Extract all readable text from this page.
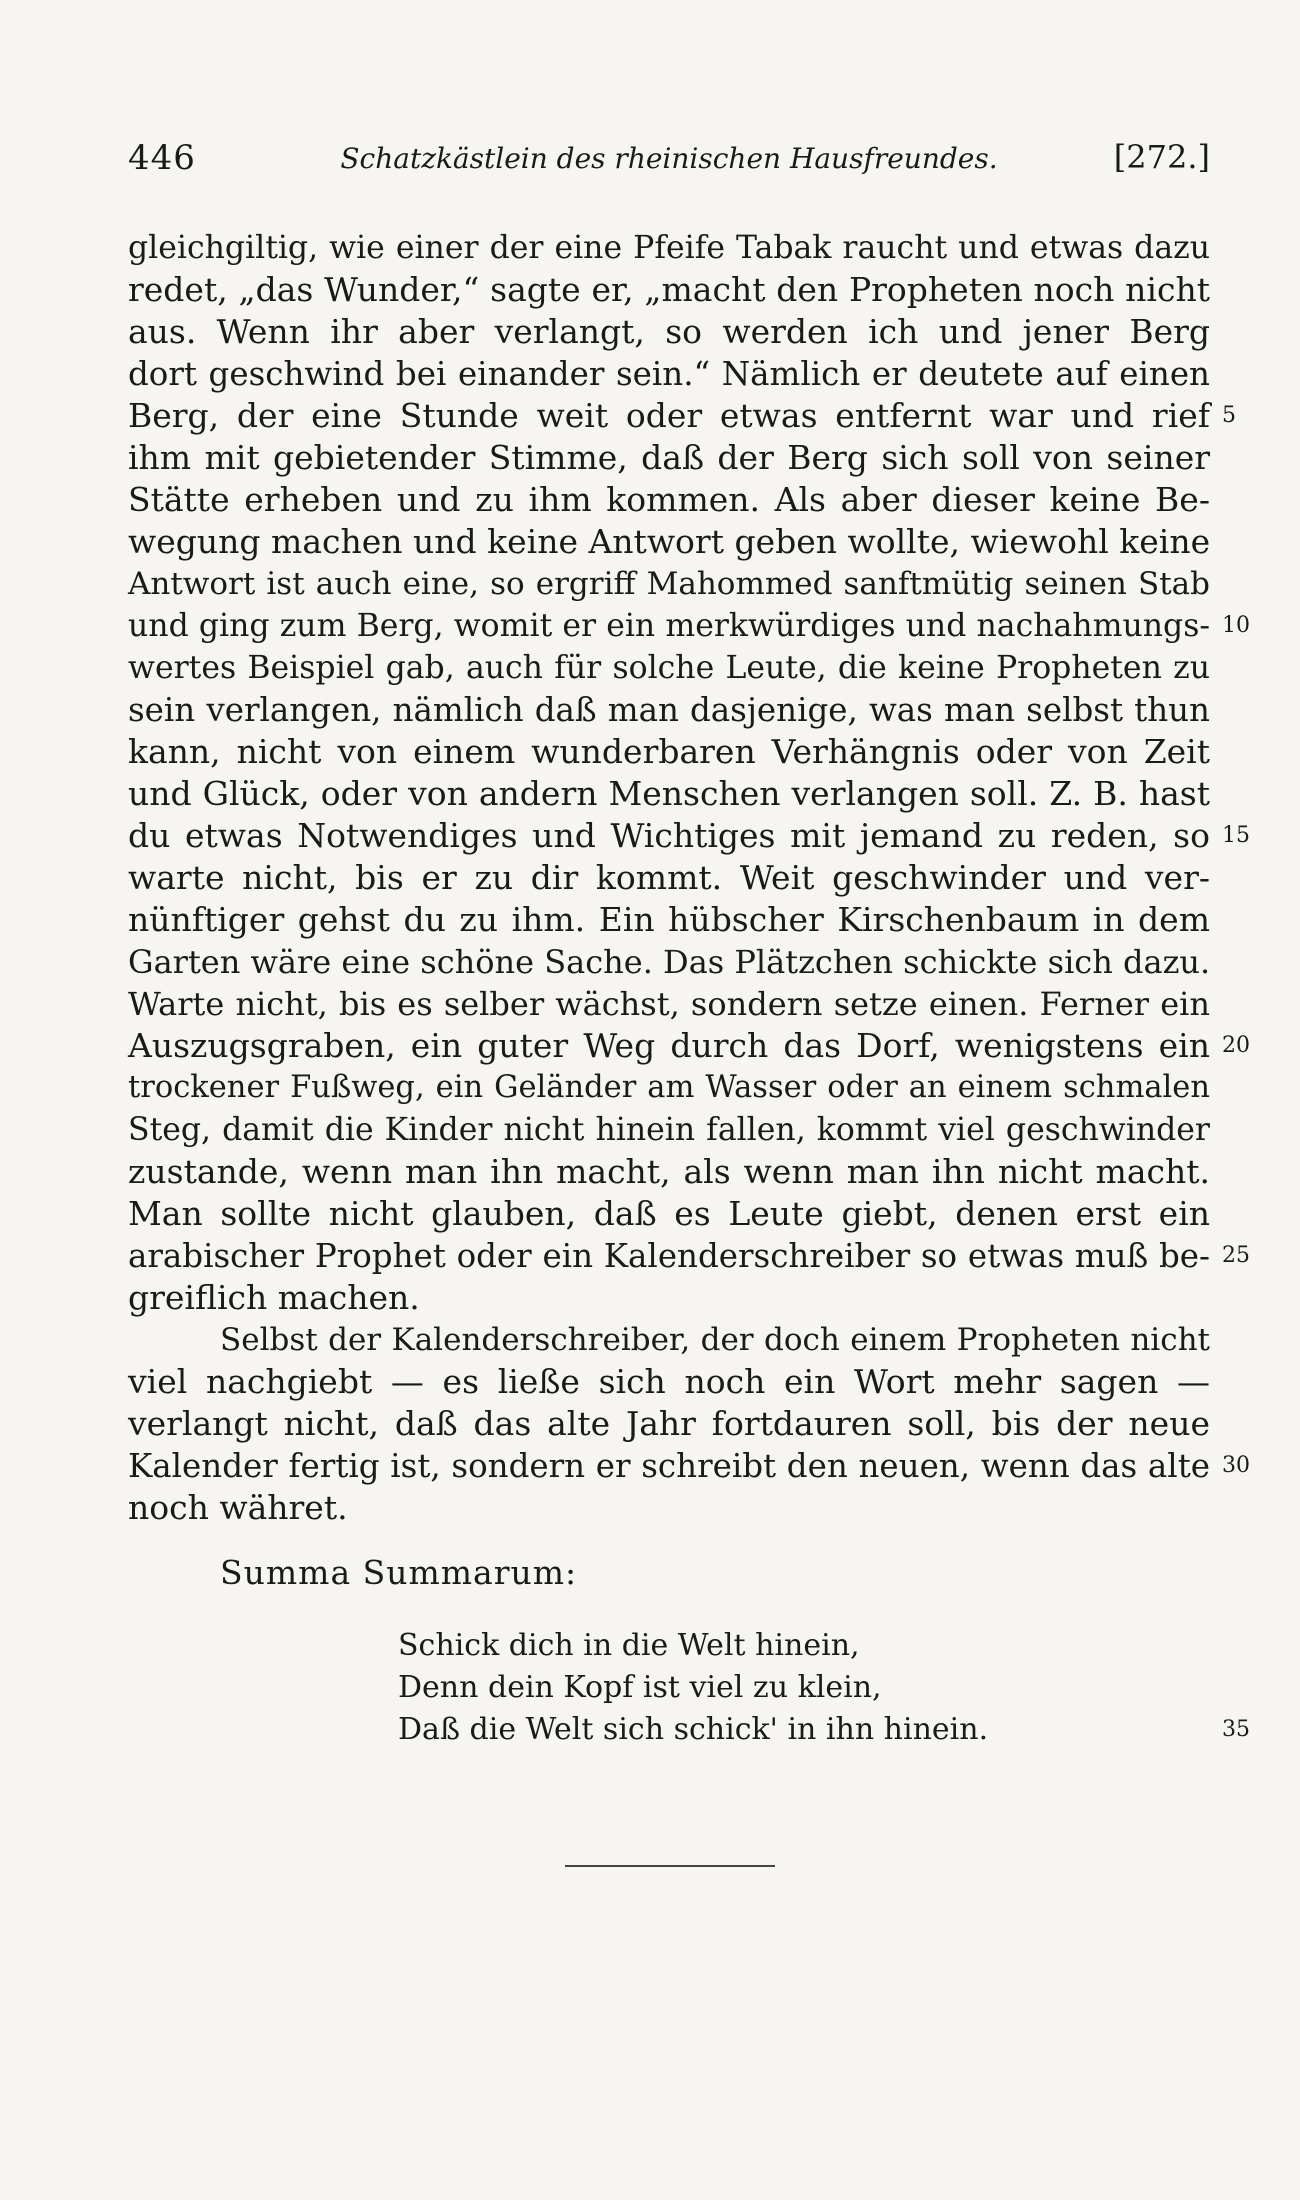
446	Schatzkästlein des rheinischen Hausfreundes.	[272.]
gleichgiltig, wie einer der eine Pfeife Tabak raucht und etwas dazu
redet, „das Wunder,“ sagte er, „macht den Propheten noch nicht
aus. Wenn ihr aber verlangt, so werden ich und jener Berg
dort geschwind bei einander sein.“ Nämlich er deutete auf einen
Berg, der eine Stunde weit oder etwas entfernt war und rief
ihm mit gebietender Stimme, daß der Berg sich soll von seiner
Stätte erheben und zu ihm kommen. Als aber dieser keine Be-
wegung machen und keine Antwort geben wollte, wiewohl keine
Antwort ist auch eine, so ergriff Mahommed sanftmütig seinen Stab
und ging zum Berg, womit er ein merkwürdiges und nachahmungs-
wertes Beispiel gab, auch für solche Leute, die keine Propheten zu
sein verlangen, nämlich daß man dasjenige, was man selbst thun
kann, nicht von einem wunderbaren Verhängnis oder von Zeit
und Glück, oder von andern Menschen verlangen soll. Z. B. hast
du etwas Notwendiges und Wichtiges mit jemand zu reden, so
warte nicht, bis er zu dir kommt. Weit geschwinder und ver-
nünftiger gehst du zu ihm. Ein hübscher Kirschenbaum in dem
Garten wäre eine schöne Sache. Das Plätzchen schickte sich dazu.
Warte nicht, bis es selber wächst, sondern setze einen. Ferner ein
Auszugsgraben, ein guter Weg durch das Dorf, wenigstens ein
trockener Fußweg, ein Geländer am Wasser oder an einem schmalen
Steg, damit die Kinder nicht hinein fallen, kommt viel geschwinder
zustande, wenn man ihn macht, als wenn man ihn nicht macht.
Man sollte nicht glauben, daß es Leute giebt, denen erst ein
arabischer Prophet oder ein Kalenderschreiber so etwas muß be-
greiflich machen.
Selbst der Kalenderschreiber, der doch einem Propheten nicht
viel nachgiebt — es ließe sich noch ein Wort mehr sagen —
verlangt nicht, daß das alte Jahr fortdauren soll, bis der neue
Kalender fertig ist, sondern er schreibt den neuen, wenn das alte
noch währet.
Summa Summarum:
Schick dich in die Welt hinein,
Denn dein Kopf ist viel zu klein,
Daß die Welt sich schick' in ihn hinein.
5
10
15
20
25
30
35
